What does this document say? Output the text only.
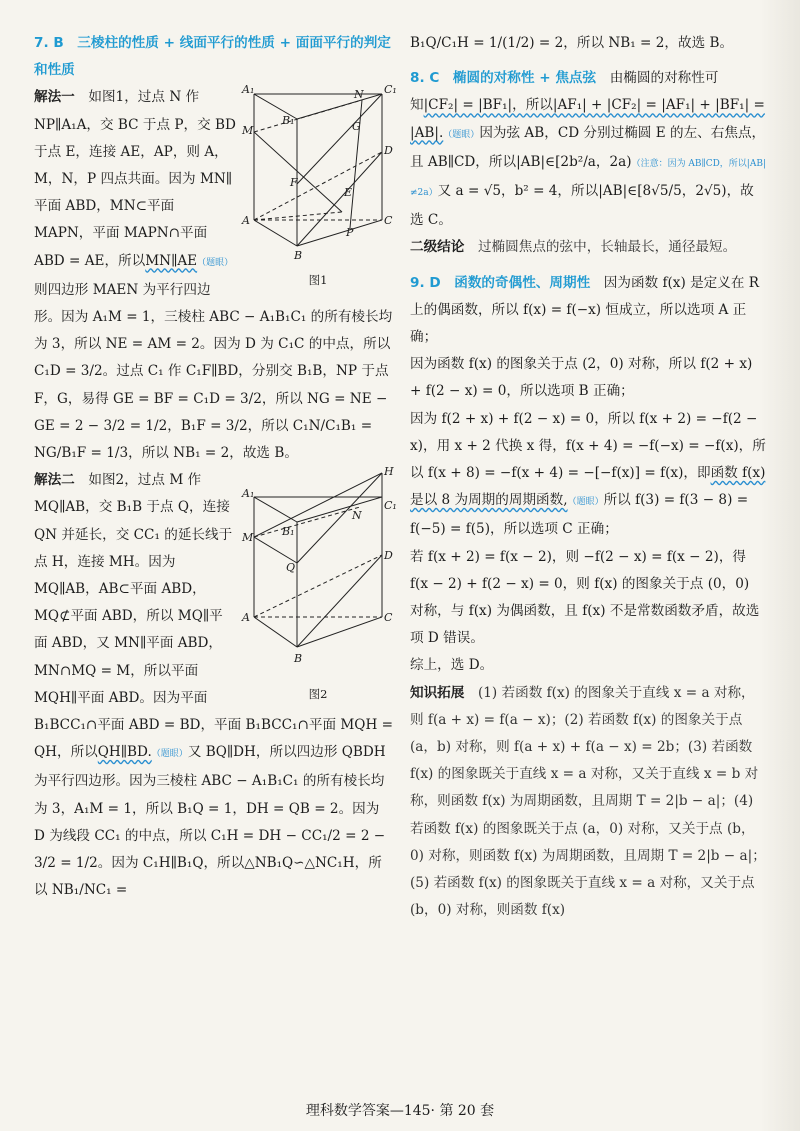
7. B　三棱柱的性质 + 线面平行的性质 + 面面平行的判定和性质

A₁	C₁
B₁
M
N
G
D
F
E
A	C
P
B
图1

解法一　如图1，过点 N 作 NP∥A₁A，交 BC 于点 P，交 BD 于点 E，连接 AE，AP，则 A，M，N，P 四点共面。因为 MN∥平面 ABD，MN⊂平面 MAPN，平面 MAPN∩平面 ABD = AE，所以MN∥AE（题眼）则四边形 MAEN 为平行四边形。因为 A₁M = 1，三棱柱 ABC − A₁B₁C₁ 的所有棱长均为 3，所以 NE = AM = 2。因为 D 为 C₁C 的中点，所以 C₁D = 3/2。过点 C₁ 作 C₁F∥BD，分别交 B₁B，NP 于点 F，G，易得 GE = BF = C₁D = 3/2，所以 NG = NE − GE = 2 − 3/2 = 1/2，B₁F = 3/2，所以 C₁N/C₁B₁ = NG/B₁F = 1/3，所以 NB₁ = 2，故选 B。

H
A₁
C₁
B₁
N
M
D
Q
A	C
B
图2

解法二　如图2，过点 M 作 MQ∥AB，交 B₁B 于点 Q，连接 QN 并延长，交 CC₁ 的延长线于点 H，连接 MH。因为 MQ∥AB，AB⊂平面 ABD，MQ⊄平面 ABD，所以 MQ∥平面 ABD，又 MN∥平面 ABD，MN∩MQ = M，所以平面 MQH∥平面 ABD。因为平面 B₁BCC₁∩平面 ABD = BD，平面 B₁BCC₁∩平面 MQH = QH，所以QH∥BD.（题眼）又 BQ∥DH，所以四边形 QBDH 为平行四边形。因为三棱柱 ABC − A₁B₁C₁ 的所有棱长均为 3，A₁M = 1，所以 B₁Q = 1，DH = QB = 2。因为 D 为线段 CC₁ 的中点，所以 C₁H = DH − CC₁/2 = 2 − 3/2 = 1/2。因为 C₁H∥B₁Q，所以△NB₁Q∽△NC₁H，所以 NB₁/NC₁ =

B₁Q/C₁H = 1/(1/2) = 2，所以 NB₁ = 2，故选 B。

8. C　椭圆的对称性 + 焦点弦　由椭圆的对称性可知|CF₂| = |BF₁|，所以|AF₁| + |CF₂| = |AF₁| + |BF₁| = |AB|.（题眼）因为弦 AB，CD 分别过椭圆 E 的左、右焦点，且 AB∥CD，所以|AB|∈[2b²/a，2a)（注意：因为 AB∥CD，所以|AB|≠2a）又 a = √5，b² = 4，所以|AB|∈[8√5/5，2√5)，故选 C。

二级结论　过椭圆焦点的弦中，长轴最长，通径最短。

9. D　函数的奇偶性、周期性　因为函数 f(x) 是定义在 R 上的偶函数，所以 f(x) = f(−x) 恒成立，所以选项 A 正确；

因为函数 f(x) 的图象关于点 (2，0) 对称，所以 f(2 + x) + f(2 − x) = 0，所以选项 B 正确；

因为 f(2 + x) + f(2 − x) = 0，所以 f(x + 2) = −f(2 − x)，用 x + 2 代换 x 得，f(x + 4) = −f(−x) = −f(x)，所以 f(x + 8) = −f(x + 4) = −[−f(x)] = f(x)，即函数 f(x) 是以 8 为周期的周期函数,（题眼）所以 f(3) = f(3 − 8) = f(−5) = f(5)，所以选项 C 正确；

若 f(x + 2) = f(x − 2)，则 −f(2 − x) = f(x − 2)，得 f(x − 2) + f(2 − x) = 0，则 f(x) 的图象关于点 (0，0) 对称，与 f(x) 为偶函数，且 f(x) 不是常数函数矛盾，故选项 D 错误。

综上，选 D。

知识拓展　(1) 若函数 f(x) 的图象关于直线 x = a 对称，则 f(a + x) = f(a − x)；(2) 若函数 f(x) 的图象关于点 (a，b) 对称，则 f(a + x) + f(a − x) = 2b；(3) 若函数 f(x) 的图象既关于直线 x = a 对称，又关于直线 x = b 对称，则函数 f(x) 为周期函数，且周期 T = 2|b − a|；(4) 若函数 f(x) 的图象既关于点 (a，0) 对称，又关于点 (b，0) 对称，则函数 f(x) 为周期函数，且周期 T = 2|b − a|；(5) 若函数 f(x) 的图象既关于直线 x = a 对称，又关于点 (b，0) 对称，则函数 f(x)

理科数学答案—145· 第 20 套
